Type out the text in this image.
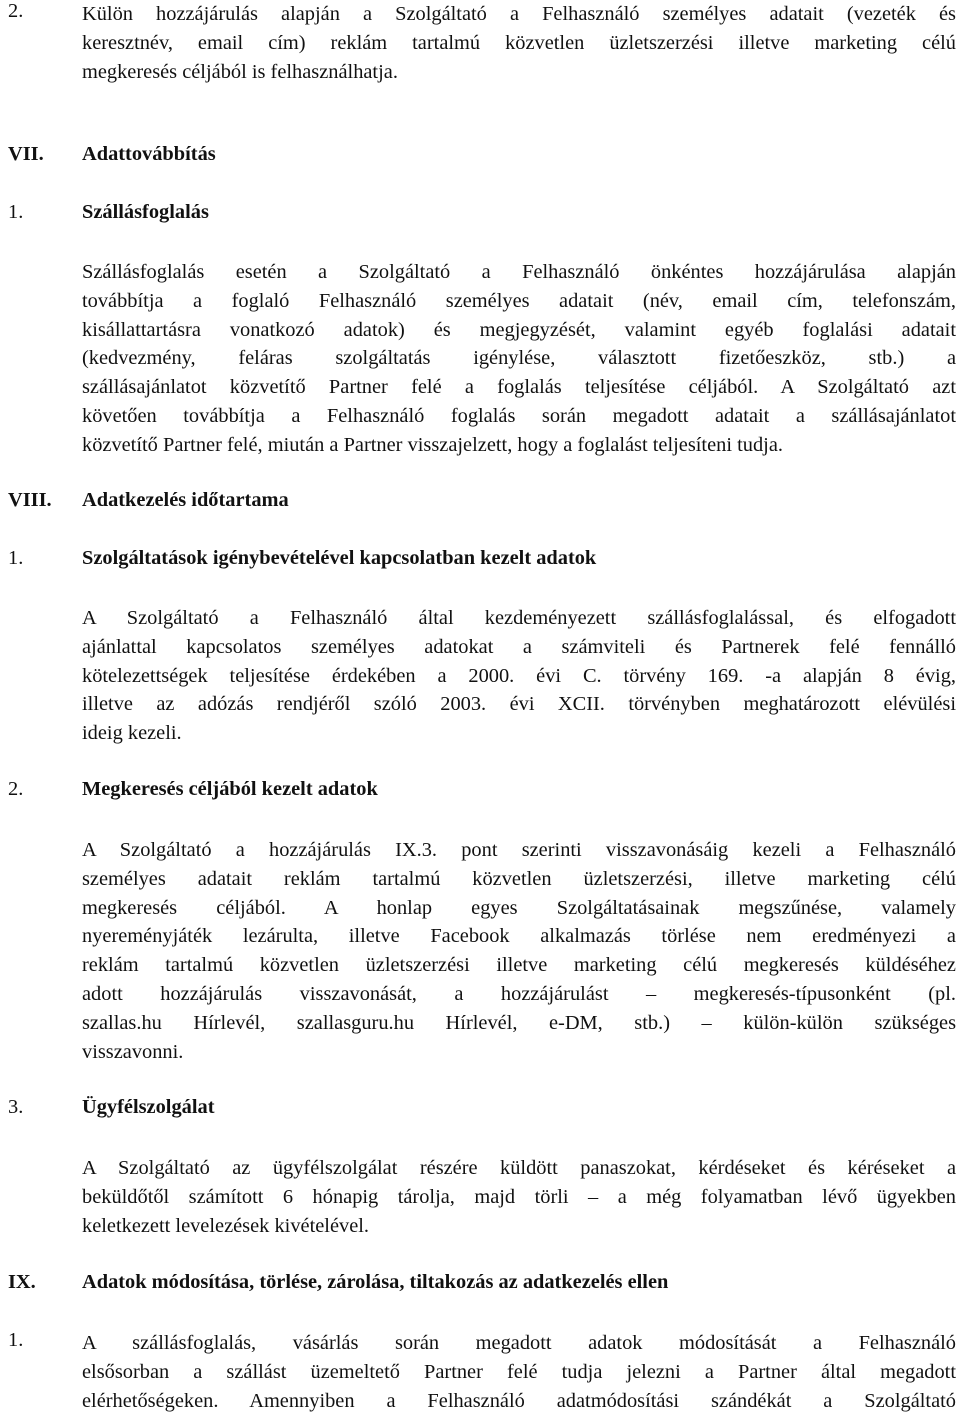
2.	Külön hozzájárulás alapján a Szolgáltató a Felhasználó személyes adatait (vezeték és
keresztnév, email cím) reklám tartalmú közvetlen üzletszerzési illetve marketing célú
megkeresés céljából is felhasználhatja.
VII. Adattovábbítás
1.	Szállásfoglalás
Szállásfoglalás esetén a Szolgáltató a Felhasználó önkéntes hozzájárulása alapján
továbbítja a foglaló Felhasználó személyes adatait (név, email cím, telefonszám,
kisállattartásra vonatkozó adatok) és megjegyzését, valamint egyéb foglalási adatait
(kedvezmény, feláras szolgáltatás igénylése, választott fizetőeszköz, stb.) a
szállásajánlatot közvetítő Partner felé a foglalás teljesítése céljából. A Szolgáltató azt
követően továbbítja a Felhasználó foglalás során megadott adatait a szállásajánlatot
közvetítő Partner felé, miután a Partner visszajelzett, hogy a foglalást teljesíteni tudja.
VIII. Adatkezelés időtartama
1.	Szolgáltatások igénybevételével kapcsolatban kezelt adatok
A Szolgáltató a Felhasználó által kezdeményezett szállásfoglalással, és elfogadott
ajánlattal kapcsolatos személyes adatokat a számviteli és Partnerek felé fennálló
kötelezettségek teljesítése érdekében a 2000. évi C. törvény 169. -a alapján 8 évig,
illetve az adózás rendjéről szóló 2003. évi XCII. törvényben meghatározott elévülési
ideig kezeli.
2.	Megkeresés céljából kezelt adatok
A Szolgáltató a hozzájárulás IX.3. pont szerinti visszavonásáig kezeli a Felhasználó
személyes adatait reklám tartalmú közvetlen üzletszerzési, illetve marketing célú
megkeresés céljából. A honlap egyes Szolgáltatásainak megszűnése, valamely
nyereményjáték lezárulta, illetve Facebook alkalmazás törlése nem eredményezi a
reklám tartalmú közvetlen üzletszerzési illetve marketing célú megkeresés küldéséhez
adott hozzájárulás visszavonását, a hozzájárulást – megkeresés-típusonként (pl.
szallas.hu Hírlevél, szallasguru.hu Hírlevél, e-DM, stb.) – külön-külön szükséges
visszavonni.
3.	Ügyfélszolgálat
A Szolgáltató az ügyfélszolgálat részére küldött panaszokat, kérdéseket és kéréseket a
beküldőtől számított 6 hónapig tárolja, majd törli – a még folyamatban lévő ügyekben
keletkezett levelezések kivételével.
IX. Adatok módosítása, törlése, zárolása, tiltakozás az adatkezelés ellen
1.	A szállásfoglalás, vásárlás során megadott adatok módosítását a Felhasználó
elsősorban a szállást üzemeltető Partner felé tudja jelezni a Partner által megadott
elérhetőségeken. Amennyiben a Felhasználó adatmódosítási szándékát a Szolgáltató
